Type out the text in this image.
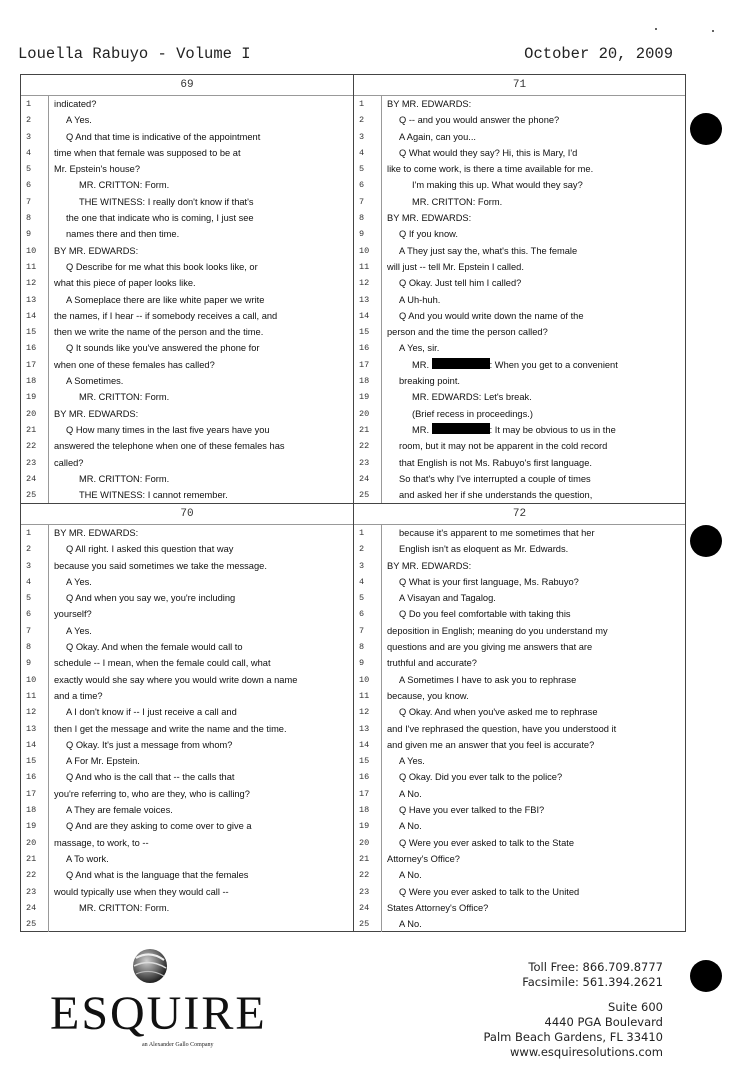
Louella Rabuyo - Volume I	October 20, 2009
69
1	indicated?
2	A Yes.
3	Q And that time is indicative of the appointment
4	time when that female was supposed to be at
5	Mr. Epstein's house?
6	MR. CRITTON: Form.
7	THE WITNESS: I really don't know if that's
8	the one that indicate who is coming, I just see
9	names there and then time.
10	BY MR. EDWARDS:
11	Q Describe for me what this book looks like, or
12	what this piece of paper looks like.
13	A Someplace there are like white paper we write
14	the names, if I hear -- if somebody receives a call, and
15	then we write the name of the person and the time.
16	Q It sounds like you've answered the phone for
17	when one of these females has called?
18	A Sometimes.
19	MR. CRITTON: Form.
20	BY MR. EDWARDS:
21	Q How many times in the last five years have you
22	answered the telephone when one of these females has
23	called?
24	MR. CRITTON: Form.
25	THE WITNESS: I cannot remember.
71
1	BY MR. EDWARDS:
2	Q -- and you would answer the phone?
3	A Again, can you...
4	Q What would they say? Hi, this is Mary, I'd
5	like to come work, is there a time available for me.
6	I'm making this up. What would they say?
7	MR. CRITTON: Form.
8	BY MR. EDWARDS:
9	Q If you know.
10	A They just say the, what's this. The female
11	will just -- tell Mr. Epstein I called.
12	Q Okay. Just tell him I called?
13	A Uh-huh.
14	Q And you would write down the name of the
15	person and the time the person called?
16	A Yes, sir.
17	MR.	: When you get to a convenient
18	breaking point.
19	MR. EDWARDS: Let's break.
20	(Brief recess in proceedings.)
21	MR.	: It may be obvious to us in the
22	room, but it may not be apparent in the cold record
23	that English is not Ms. Rabuyo's first language.
24	So that's why I've interrupted a couple of times
25	and asked her if she understands the question,
70
1	BY MR. EDWARDS:
2	Q All right. I asked this question that way
3	because you said sometimes we take the message.
4	A Yes.
5	Q And when you say we, you're including
6	yourself?
7	A Yes.
8	Q Okay. And when the female would call to
9	schedule -- I mean, when the female could call, what
10	exactly would she say where you would write down a name
11	and a time?
12	A I don't know if -- I just receive a call and
13	then I get the message and write the name and the time.
14	Q Okay. It's just a message from whom?
15	A For Mr. Epstein.
16	Q And who is the call that -- the calls that
17	you're referring to, who are they, who is calling?
18	A They are female voices.
19	Q And are they asking to come over to give a
20	massage, to work, to --
21	A To work.
22	Q And what is the language that the females
23	would typically use when they would call --
24	MR. CRITTON: Form.
25
72
1	because it's apparent to me sometimes that her
2	English isn't as eloquent as Mr. Edwards.
3	BY MR. EDWARDS:
4	Q What is your first language, Ms. Rabuyo?
5	A Visayan and Tagalog.
6	Q Do you feel comfortable with taking this
7	deposition in English; meaning do you understand my
8	questions and are you giving me answers that are
9	truthful and accurate?
10	A Sometimes I have to ask you to rephrase
11	because, you know.
12	Q Okay. And when you've asked me to rephrase
13	and I've rephrased the question, have you understood it
14	and given me an answer that you feel is accurate?
15	A Yes.
16	Q Okay. Did you ever talk to the police?
17	A No.
18	Q Have you ever talked to the FBI?
19	A No.
20	Q Were you ever asked to talk to the State
21	Attorney's Office?
22	A No.
23	Q Were you ever asked to talk to the United
24	States Attorney's Office?
25	A No.
ESQUIRE
an Alexander Gallo Company
Toll Free: 866.709.8777
Facsimile: 561.394.2621
Suite 600
4440 PGA Boulevard
Palm Beach Gardens, FL 33410
www.esquiresolutions.com
